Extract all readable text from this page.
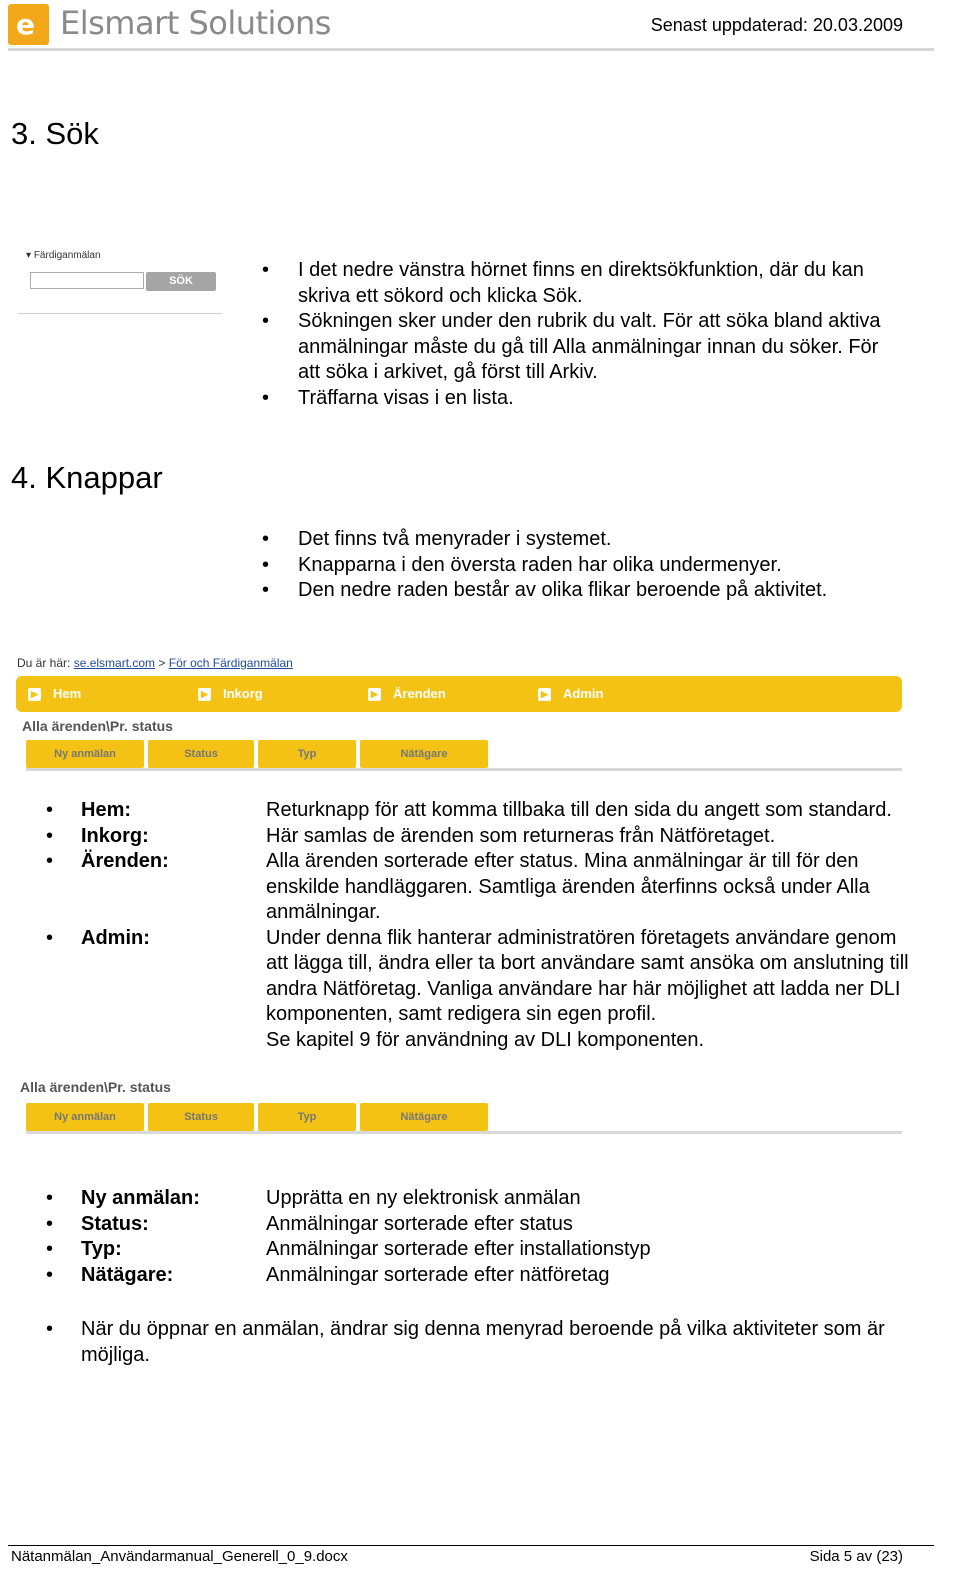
e Elsmart Solutions	Senast uppdaterad: 20.03.2009
3. Sök
▾ Färdiganmälan
SÖK	• I det nedre vänstra hörnet finns en direktsökfunktion, där du kan skriva ett sökord och klicka Sök.
• Sökningen sker under den rubrik du valt. För att söka bland aktiva anmälningar måste du gå till Alla anmälningar innan du söker. För att söka i arkivet, gå först till Arkiv.
• Träffarna visas i en lista.
4. Knappar
• Det finns två menyrader i systemet.
• Knapparna i den översta raden har olika undermenyer.
• Den nedre raden består av olika flikar beroende på aktivitet.
Du är här: se.elsmart.com > För och Färdiganmälan
▶ Hem	▶ Inkorg	▶ Ärenden	▶ Admin
Alla ärenden\Pr. status
Ny anmälan	Status	Typ	Nätägare
• Hem:	Returknapp för att komma tillbaka till den sida du angett som standard.
• Inkorg:	Här samlas de ärenden som returneras från Nätföretaget.
• Ärenden:	Alla ärenden sorterade efter status. Mina anmälningar är till för den enskilde handläggaren. Samtliga ärenden återfinns också under Alla anmälningar.
• Admin:	Under denna flik hanterar administratören företagets användare genom att lägga till, ändra eller ta bort användare samt ansöka om anslutning till andra Nätföretag. Vanliga användare har här möjlighet att ladda ner DLI komponenten, samt redigera sin egen profil.
Se kapitel 9 för användning av DLI komponenten.
Alla ärenden\Pr. status
Ny anmälan	Status	Typ	Nätägare
• Ny anmälan:	Upprätta en ny elektronisk anmälan
• Status:	Anmälningar sorterade efter status
• Typ:	Anmälningar sorterade efter installationstyp
• Nätägare:	Anmälningar sorterade efter nätföretag
• När du öppnar en anmälan, ändrar sig denna menyrad beroende på vilka aktiviteter som är möjliga.
Nätanmälan_Användarmanual_Generell_0_9.docx	Sida 5 av (23)
